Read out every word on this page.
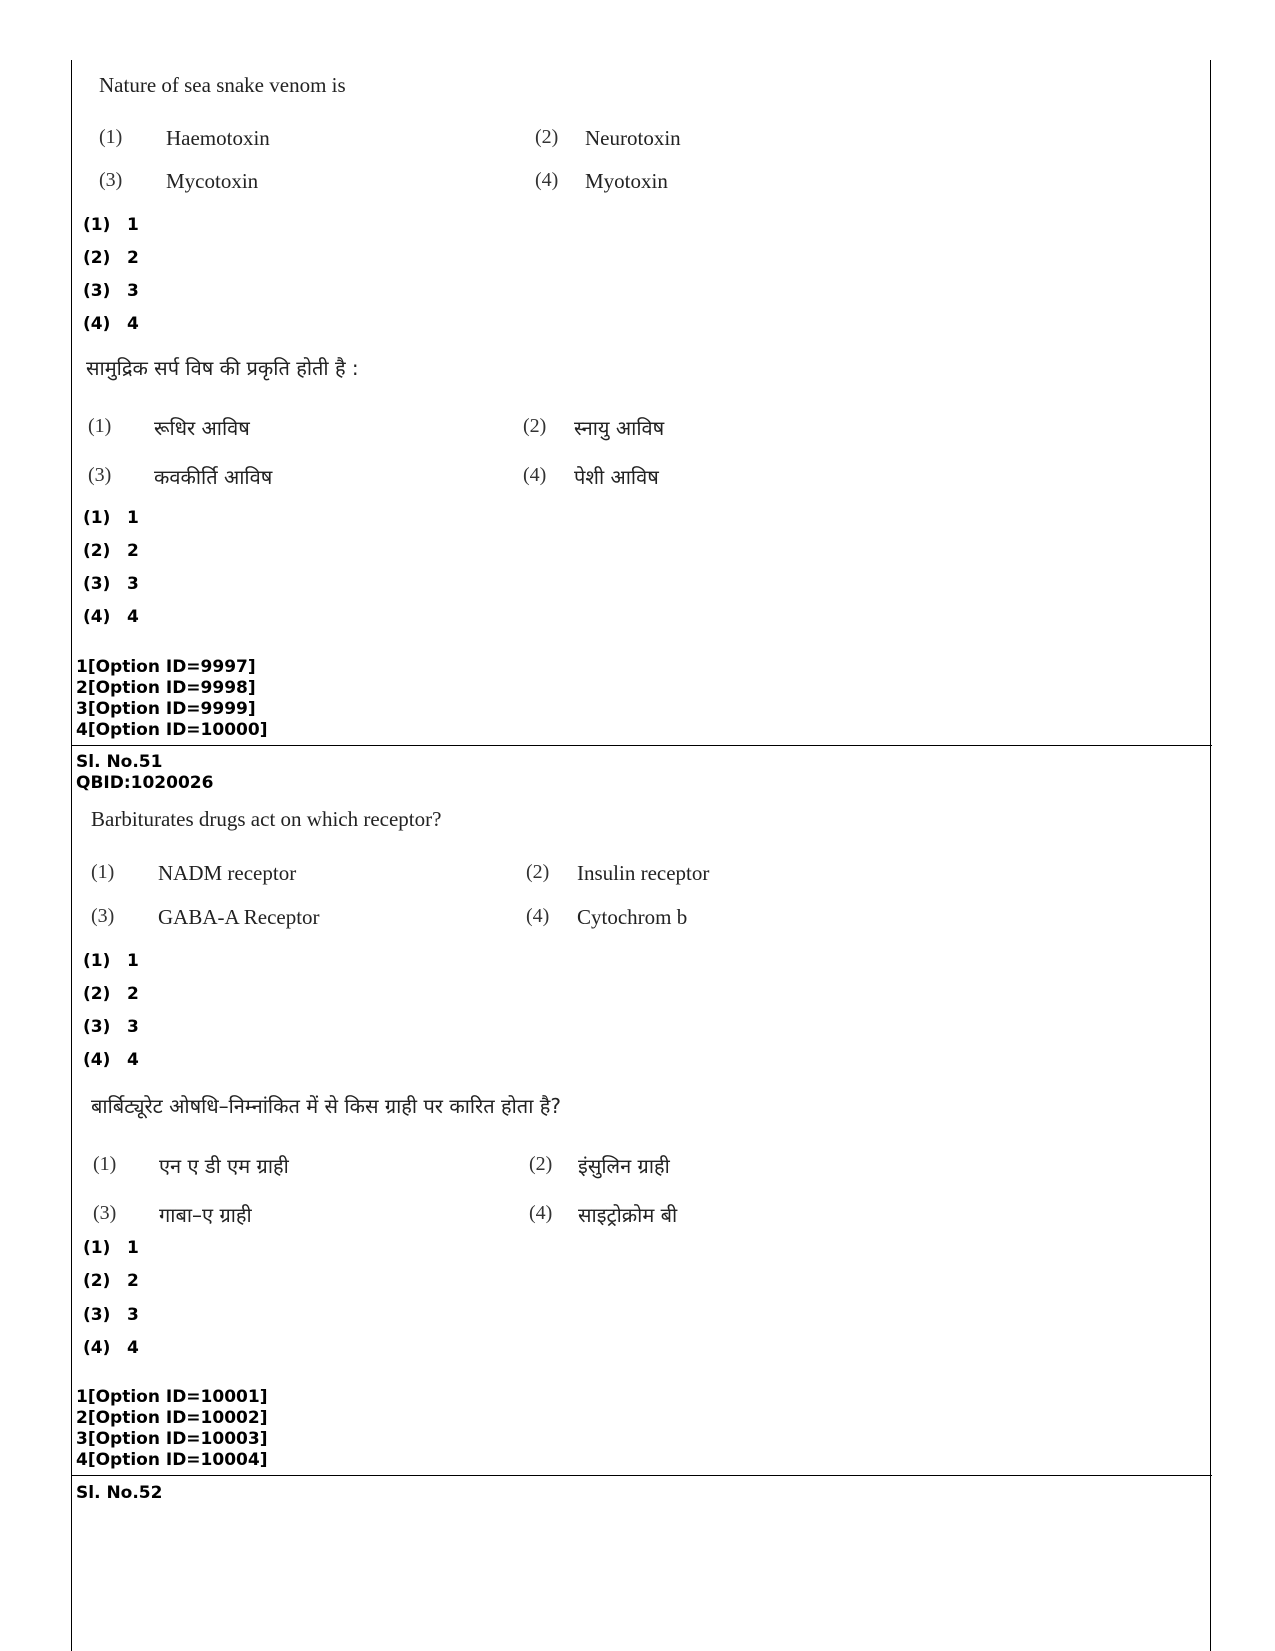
Nature of sea snake venom is
(1) Haemotoxin	(2) Neurotoxin
(3) Mycotoxin	(4) Myotoxin
(1) 1
(2) 2
(3) 3
(4) 4
सामुद्रिक सर्प विष की प्रकृति होती है :
(1) रूधिर आविष	(2) स्नायु आविष
(3) कवकीर्ति आविष	(4) पेशी आविष
(1) 1
(2) 2
(3) 3
(4) 4
1[Option ID=9997]
2[Option ID=9998]
3[Option ID=9999]
4[Option ID=10000]
Sl. No.51
QBID:1020026
Barbiturates drugs act on which receptor?
(1) NADM receptor	(2) Insulin receptor
(3) GABA-A Receptor	(4) Cytochrom b
(1) 1
(2) 2
(3) 3
(4) 4
बार्बिट्यूरेट ओषधि–निम्नांकित में से किस ग्राही पर कारित होता है?
(1) एन ए डी एम ग्राही	(2) इंसुलिन ग्राही
(3) गाबा–ए ग्राही	(4) साइट्रोक्रोम बी
(1) 1
(2) 2
(3) 3
(4) 4
1[Option ID=10001]
2[Option ID=10002]
3[Option ID=10003]
4[Option ID=10004]
Sl. No.52
